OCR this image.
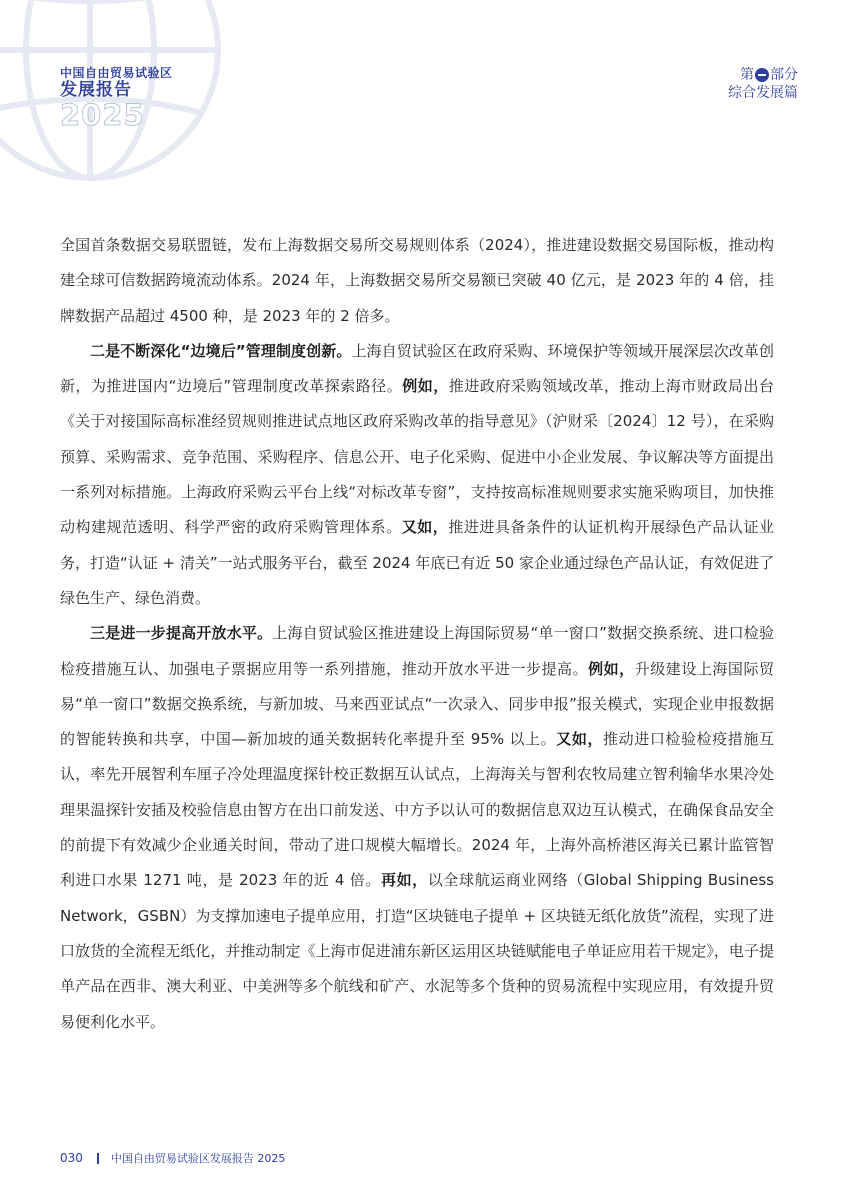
中国自由贸易试验区
发展报告
2025
第 部分
综合发展篇

全国首条数据交易联盟链，发布上海数据交易所交易规则体系（2024），推进建设数据交易国际板，推动构建全球可信数据跨境流动体系。2024 年，上海数据交易所交易额已突破 40 亿元，是 2023 年的 4 倍，挂牌数据产品超过 4500 种，是 2023 年的 2 倍多。

二是不断深化“边境后”管理制度创新。上海自贸试验区在政府采购、环境保护等领域开展深层次改革创新，为推进国内“边境后”管理制度改革探索路径。例如，推进政府采购领域改革，推动上海市财政局出台《关于对接国际高标准经贸规则推进试点地区政府采购改革的指导意见》（沪财采〔2024〕12 号），在采购预算、采购需求、竞争范围、采购程序、信息公开、电子化采购、促进中小企业发展、争议解决等方面提出一系列对标措施。上海政府采购云平台上线“对标改革专窗”，支持按高标准规则要求实施采购项目，加快推动构建规范透明、科学严密的政府采购管理体系。又如，推进进具备条件的认证机构开展绿色产品认证业务，打造“认证 + 清关”一站式服务平台，截至 2024 年底已有近 50 家企业通过绿色产品认证，有效促进了绿色生产、绿色消费。

三是进一步提高开放水平。上海自贸试验区推进建设上海国际贸易“单一窗口”数据交换系统、进口检验检疫措施互认、加强电子票据应用等一系列措施，推动开放水平进一步提高。例如，升级建设上海国际贸易“单一窗口”数据交换系统，与新加坡、马来西亚试点“一次录入、同步申报”报关模式，实现企业申报数据的智能转换和共享，中国—新加坡的通关数据转化率提升至 95% 以上。又如，推动进口检验检疫措施互认，率先开展智利车厘子冷处理温度探针校正数据互认试点，上海海关与智利农牧局建立智利输华水果冷处理果温探针安插及校验信息由智方在出口前发送、中方予以认可的数据信息双边互认模式，在确保食品安全的前提下有效减少企业通关时间，带动了进口规模大幅增长。2024 年，上海外高桥港区海关已累计监管智利进口水果 1271 吨，是 2023 年的近 4 倍。再如，以全球航运商业网络（Global Shipping Business Network，GSBN）为支撑加速电子提单应用，打造“区块链电子提单 + 区块链无纸化放货”流程，实现了进口放货的全流程无纸化，并推动制定《上海市促进浦东新区运用区块链赋能电子单证应用若干规定》，电子提单产品在西非、澳大利亚、中美洲等多个航线和矿产、水泥等多个货种的贸易流程中实现应用，有效提升贸易便利化水平。

030	中国自由贸易试验区发展报告 2025
